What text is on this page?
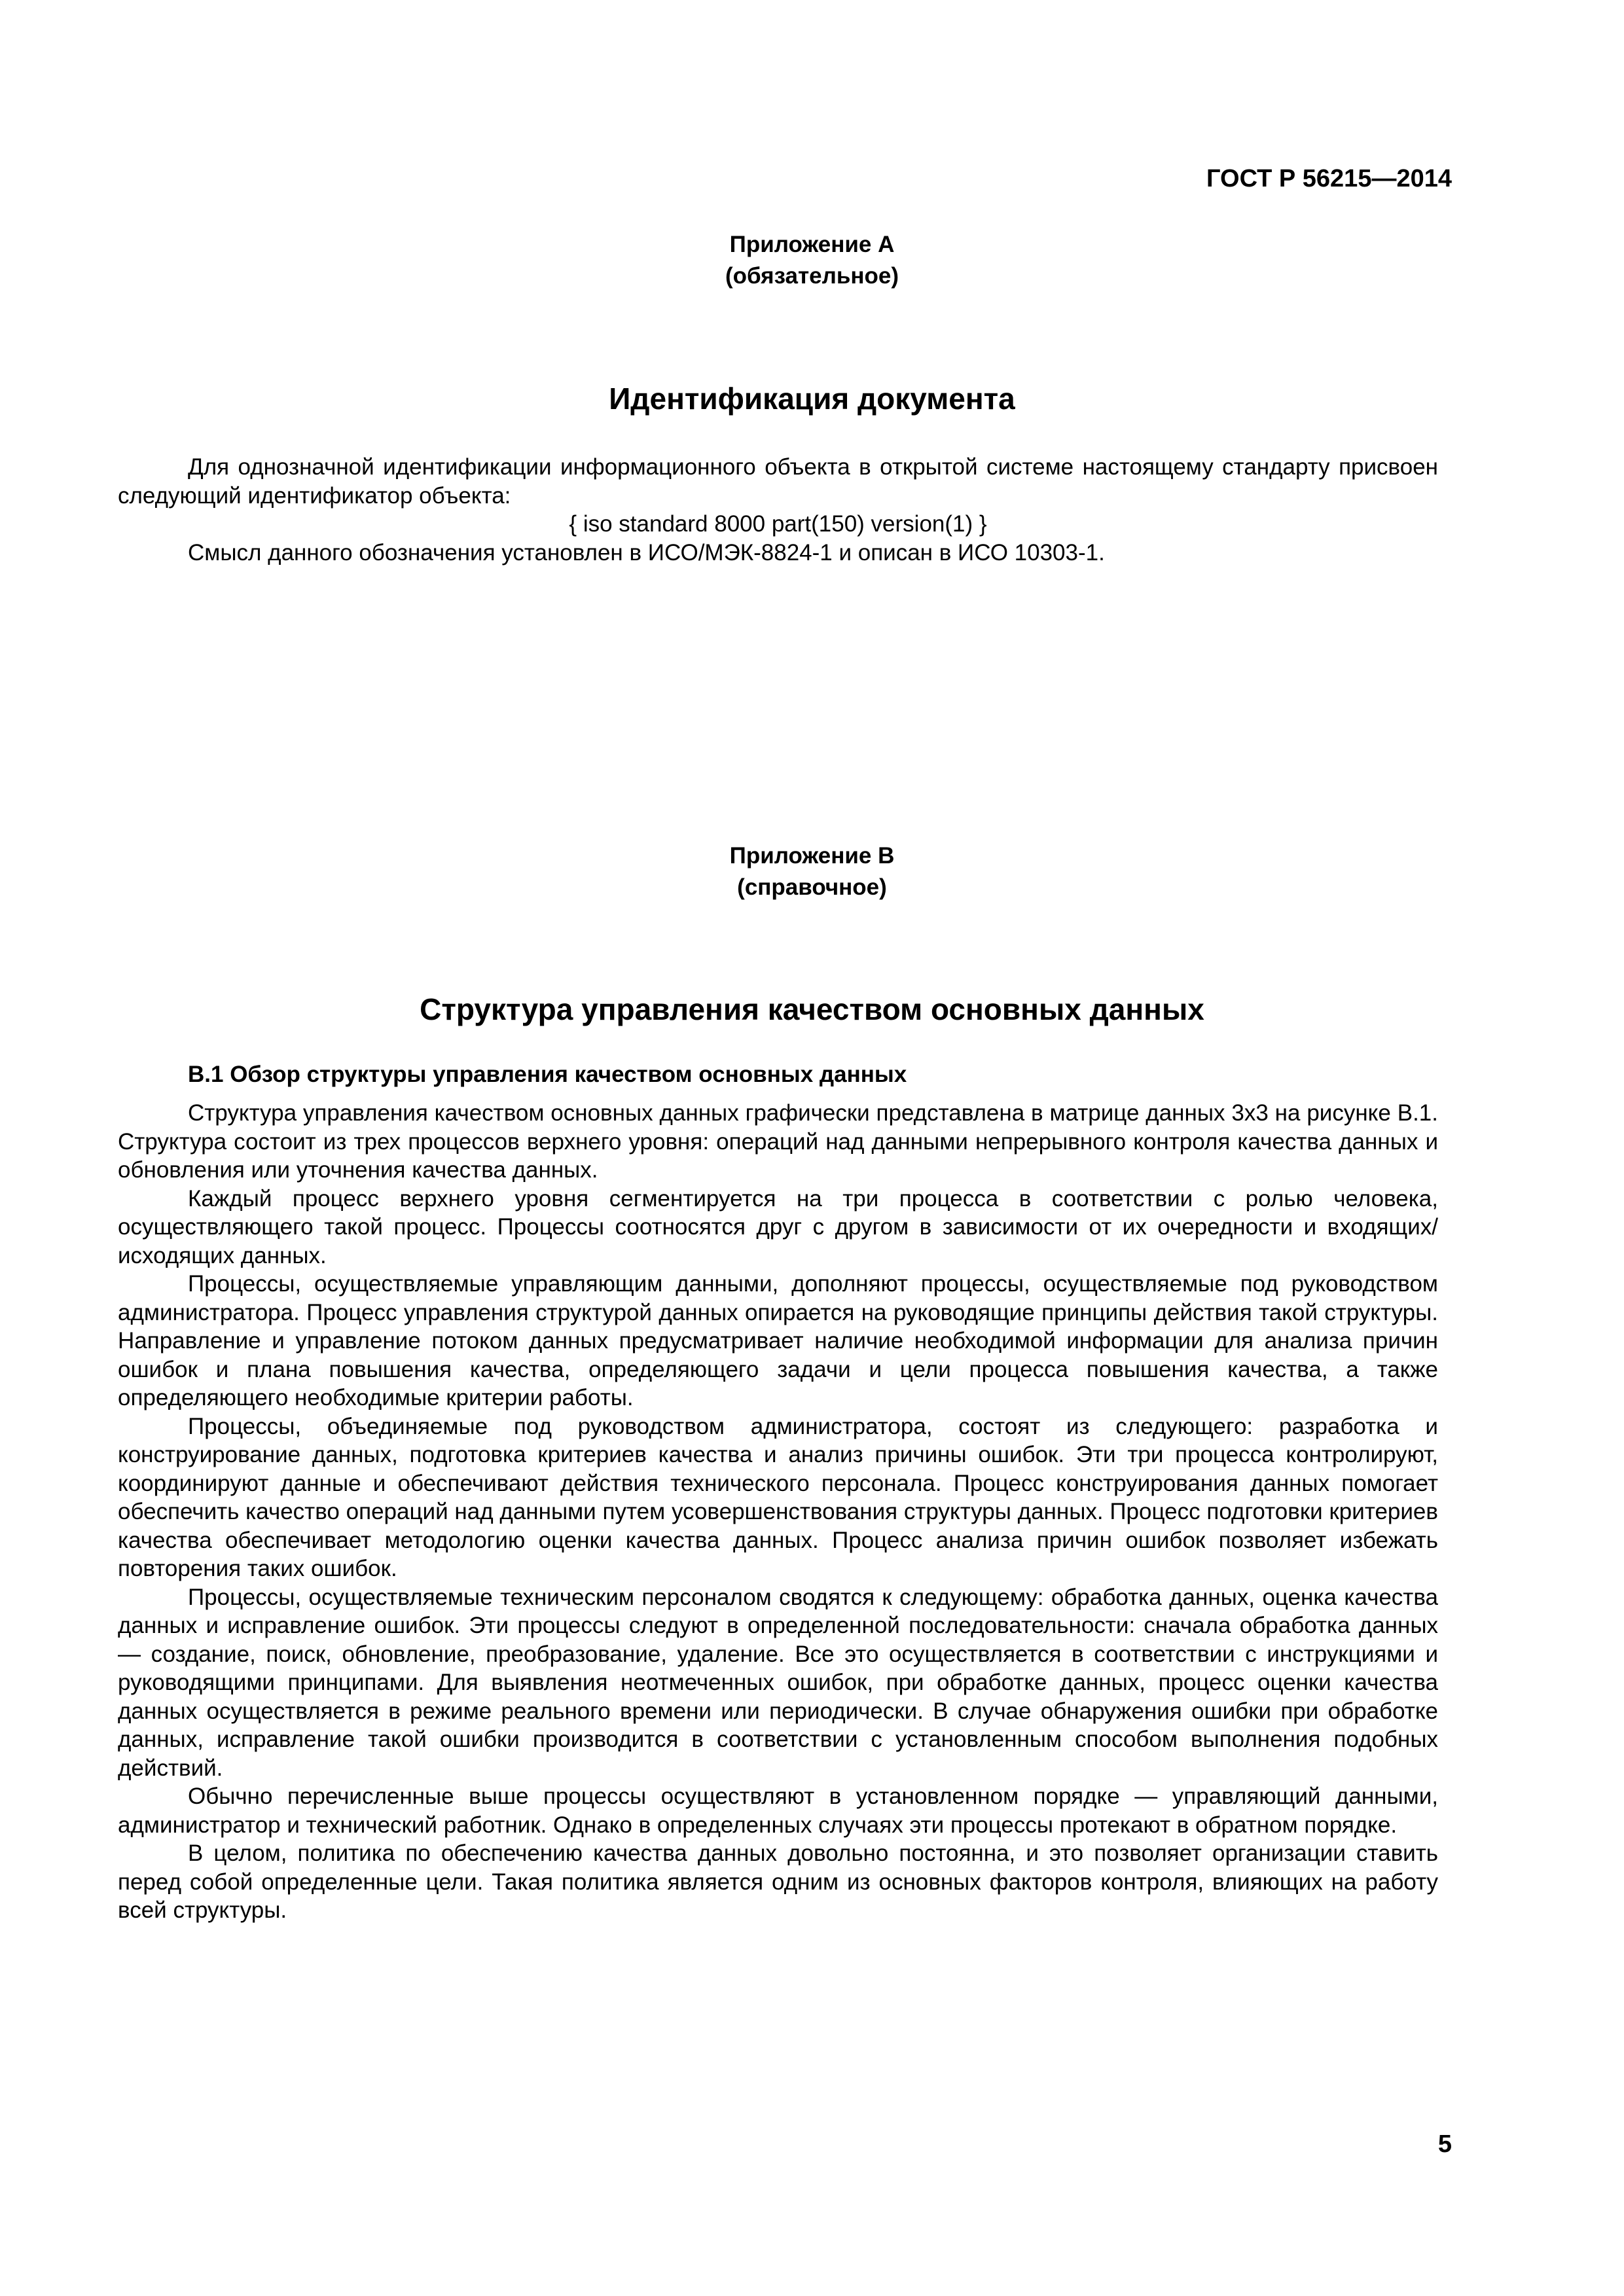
ГОСТ Р 56215—2014
Приложение А
(обязательное)
Идентификация документа

Для однозначной идентификации информационного объекта в открытой системе настоящему стандарту присвоен следующий идентификатор объекта:

{ iso standard 8000 part(150) version(1) }

Смысл данного обозначения установлен в ИСО/МЭК-8824-1 и описан в ИСО 10303-1.

Приложение В
(справочное)
Структура управления качеством основных данных
В.1 Обзор структуры управления качеством основных данных

Структура управления качеством основных данных графически представлена в матрице данных 3x3 на рисунке В.1. Структура состоит из трех процессов верхнего уровня: операций над данными непрерывного контроля качества данных и обновления или уточнения качества данных.

Каждый процесс верхнего уровня сегментируется на три процесса в соответствии с ролью человека, осуществляющего такой процесс. Процессы соотносятся друг с другом в зависимости от их очередности и входящих/исходящих данных.

Процессы, осуществляемые управляющим данными, дополняют процессы, осуществляемые под руководством администратора. Процесс управления структурой данных опирается на руководящие принципы действия такой структуры. Направление и управление потоком данных предусматривает наличие необходимой информации для анализа причин ошибок и плана повышения качества, определяющего задачи и цели процесса повышения качества, а также определяющего необходимые критерии работы.

Процессы, объединяемые под руководством администратора, состоят из следующего: разработка и конструирование данных, подготовка критериев качества и анализ причины ошибок. Эти три процесса контролируют, координируют данные и обеспечивают действия технического персонала. Процесс конструирования данных помогает обеспечить качество операций над данными путем усовершенствования структуры данных. Процесс подготовки критериев качества обеспечивает методологию оценки качества данных. Процесс анализа причин ошибок позволяет избежать повторения таких ошибок.

Процессы, осуществляемые техническим персоналом сводятся к следующему: обработка данных, оценка качества данных и исправление ошибок. Эти процессы следуют в определенной последовательности: сначала обработка данных — создание, поиск, обновление, преобразование, удаление. Все это осуществляется в соответствии с инструкциями и руководящими принципами. Для выявления неотмеченных ошибок, при обработке данных, процесс оценки качества данных осуществляется в режиме реального времени или периодически. В случае обнаружения ошибки при обработке данных, исправление такой ошибки производится в соответствии с установленным способом выполнения подобных действий.

Обычно перечисленные выше процессы осуществляют в установленном порядке — управляющий данными, администратор и технический работник. Однако в определенных случаях эти процессы протекают в обратном порядке.

В целом, политика по обеспечению качества данных довольно постоянна, и это позволяет организации ставить перед собой определенные цели. Такая политика является одним из основных факторов контроля, влияющих на работу всей структуры.

5
